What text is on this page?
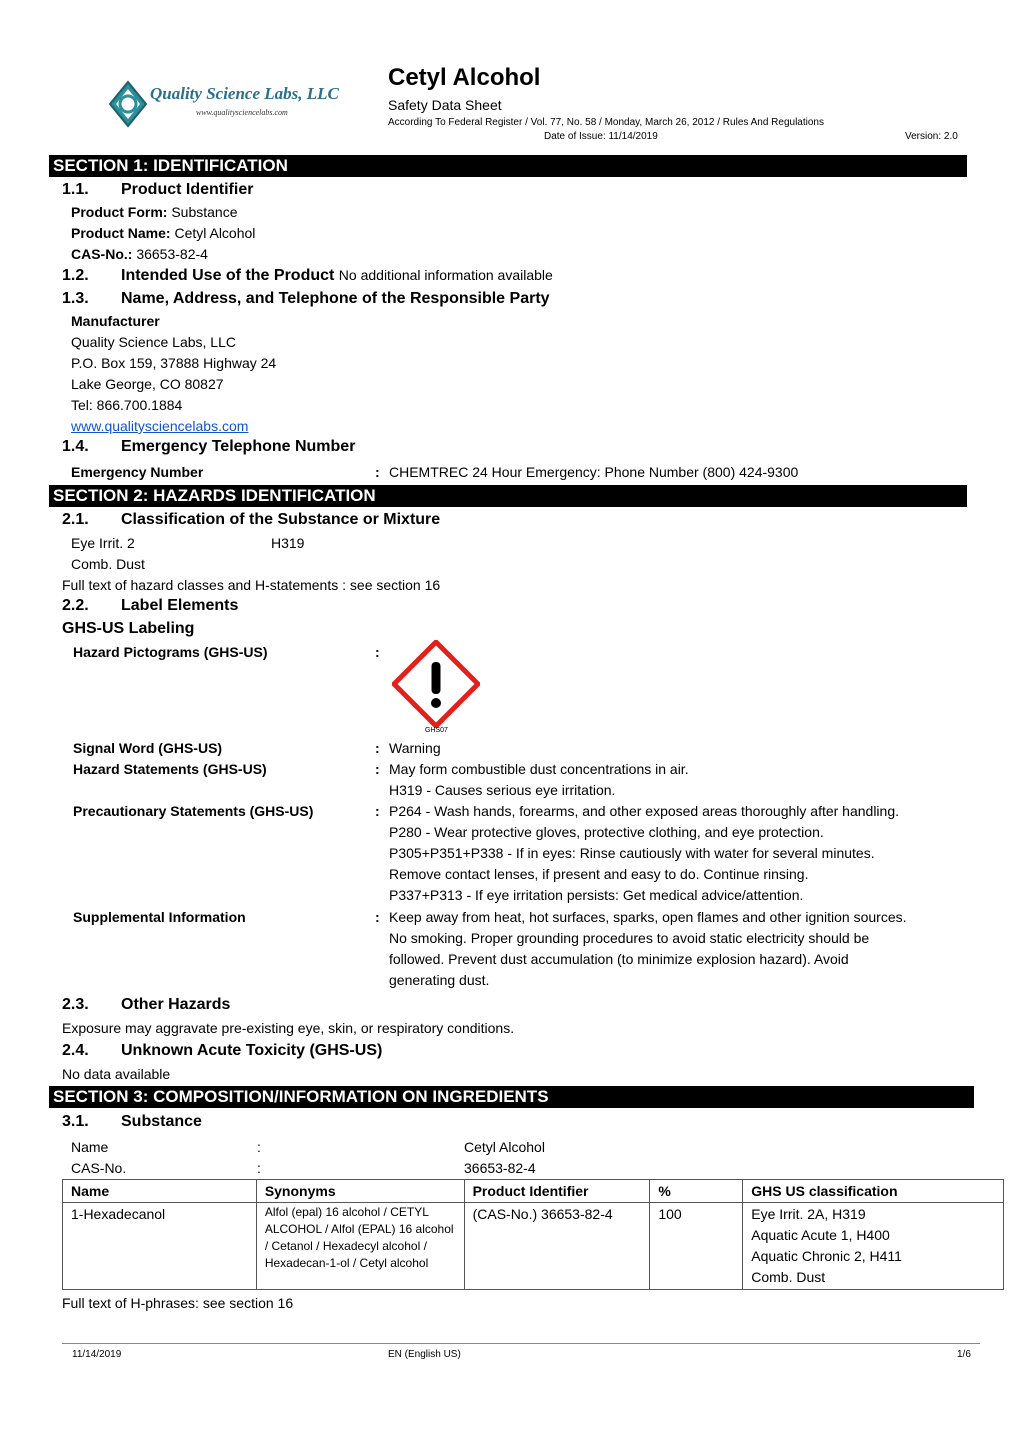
Quality Science Labs, LLC
www.qualitysciencelabs.com
Cetyl Alcohol
Safety Data Sheet
According To Federal Register / Vol. 77, No. 58 / Monday, March 26, 2012 / Rules And Regulations
Date of Issue: 11/14/2019	Version: 2.0
SECTION 1: IDENTIFICATION
1.1. Product Identifier
Product Form: Substance
Product Name: Cetyl Alcohol
CAS-No.: 36653-82-4
1.2. Intended Use of the Product No additional information available
1.3. Name, Address, and Telephone of the Responsible Party
Manufacturer
Quality Science Labs, LLC
P.O. Box 159, 37888 Highway 24
Lake George, CO 80827
Tel: 866.700.1884
www.qualitysciencelabs.com
1.4. Emergency Telephone Number
Emergency Number	: CHEMTREC 24 Hour Emergency: Phone Number (800) 424-9300
SECTION 2: HAZARDS IDENTIFICATION
2.1. Classification of the Substance or Mixture
Eye Irrit. 2	H319
Comb. Dust
Full text of hazard classes and H-statements : see section 16
2.2. Label Elements
GHS-US Labeling
Hazard Pictograms (GHS-US)	:
GHS07
Signal Word (GHS-US)	: Warning
Hazard Statements (GHS-US)	: May form combustible dust concentrations in air.
H319 - Causes serious eye irritation.
Precautionary Statements (GHS-US)	: P264 - Wash hands, forearms, and other exposed areas thoroughly after handling.
P280 - Wear protective gloves, protective clothing, and eye protection.
P305+P351+P338 - If in eyes: Rinse cautiously with water for several minutes.
Remove contact lenses, if present and easy to do. Continue rinsing.
P337+P313 - If eye irritation persists: Get medical advice/attention.
Supplemental Information	: Keep away from heat, hot surfaces, sparks, open flames and other ignition sources.
No smoking. Proper grounding procedures to avoid static electricity should be
followed. Prevent dust accumulation (to minimize explosion hazard). Avoid
generating dust.
2.3. Other Hazards
Exposure may aggravate pre-existing eye, skin, or respiratory conditions.
2.4. Unknown Acute Toxicity (GHS-US)
No data available
SECTION 3: COMPOSITION/INFORMATION ON INGREDIENTS
3.1. Substance
Name	:	Cetyl Alcohol
CAS-No.	:	36653-82-4
Name	Synonyms	Product Identifier	%	GHS US classification
1-Hexadecanol	Alfol (epal) 16 alcohol / CETYL ALCOHOL / Alfol (EPAL) 16 alcohol / Cetanol / Hexadecyl alcohol / Hexadecan-1-ol / Cetyl alcohol	(CAS-No.) 36653-82-4	100	Eye Irrit. 2A, H319
Aquatic Acute 1, H400
Aquatic Chronic 2, H411
Comb. Dust
Full text of H-phrases: see section 16
11/14/2019	EN (English US)	1/6
